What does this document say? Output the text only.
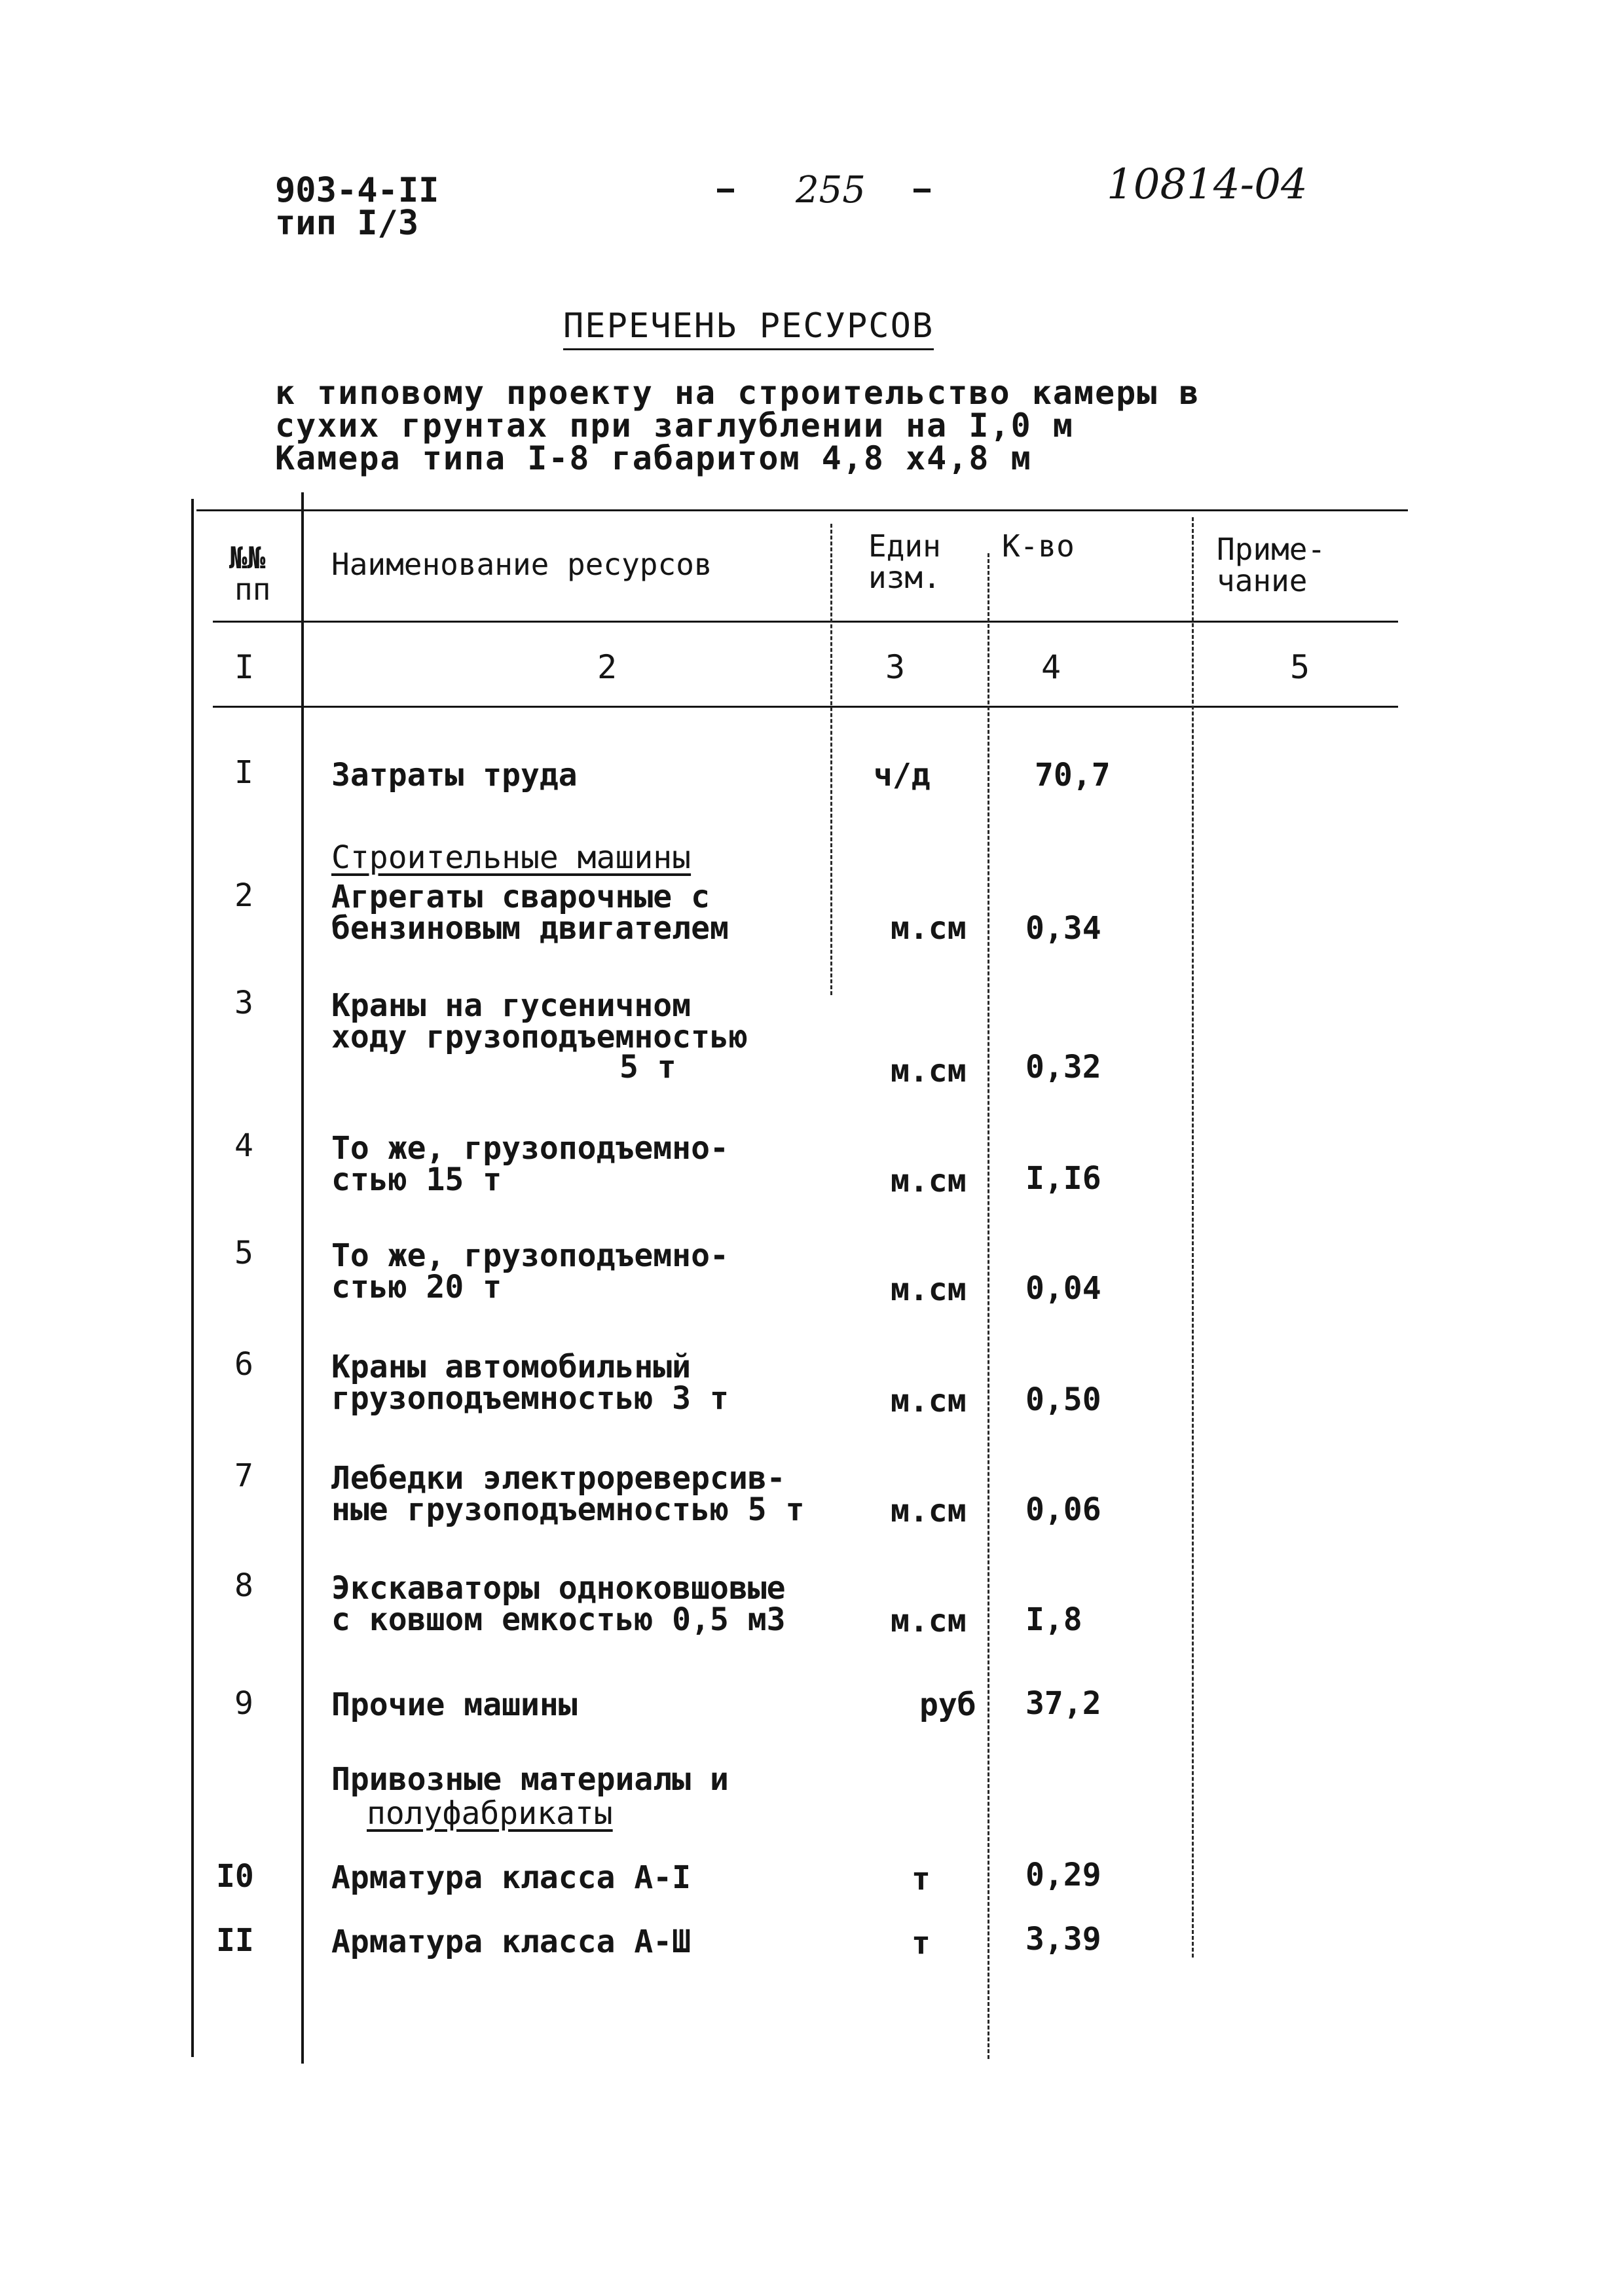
903-4-II
тип I/3
255	10814-04
ПЕРЕЧЕНЬ РЕСУРСОВ
к типовому проекту на строительство камеры в
сухих грунтах при заглублении на I,0 м
Камера типа I-8 габаритом 4,8 х4,8 м
№№
пп
Наименование ресурсов
Един
изм.
К-во	Приме-
чание
I	2	3	4	5
I Затраты труда	ч/д	70,7
Строительные машины
2 Агрегаты сварочные с
бензиновым двигателем	м.см 0,34
3 Краны на гусеничном
ходу грузоподъемностью
5 т	м.см 0,32
4 То же, грузоподъемно-
стью 15 т	м.см I,I6
5 То же, грузоподъемно-
стью 20 т	м.см 0,04
6 Краны автомобильный
грузоподъемностью 3 т	м.см 0,50
7 Лебедки электрореверсив-
ные грузоподъемностью 5 т	м.см 0,06
8 Экскаваторы одноковшовые
с ковшом емкостью 0,5 м3	м.см I,8
9 Прочие машины	руб 37,2
Привозные материалы и
полуфабрикаты
I0 Арматура класса А-I	т	0,29
II Арматура класса А-Ш	т	3,39
